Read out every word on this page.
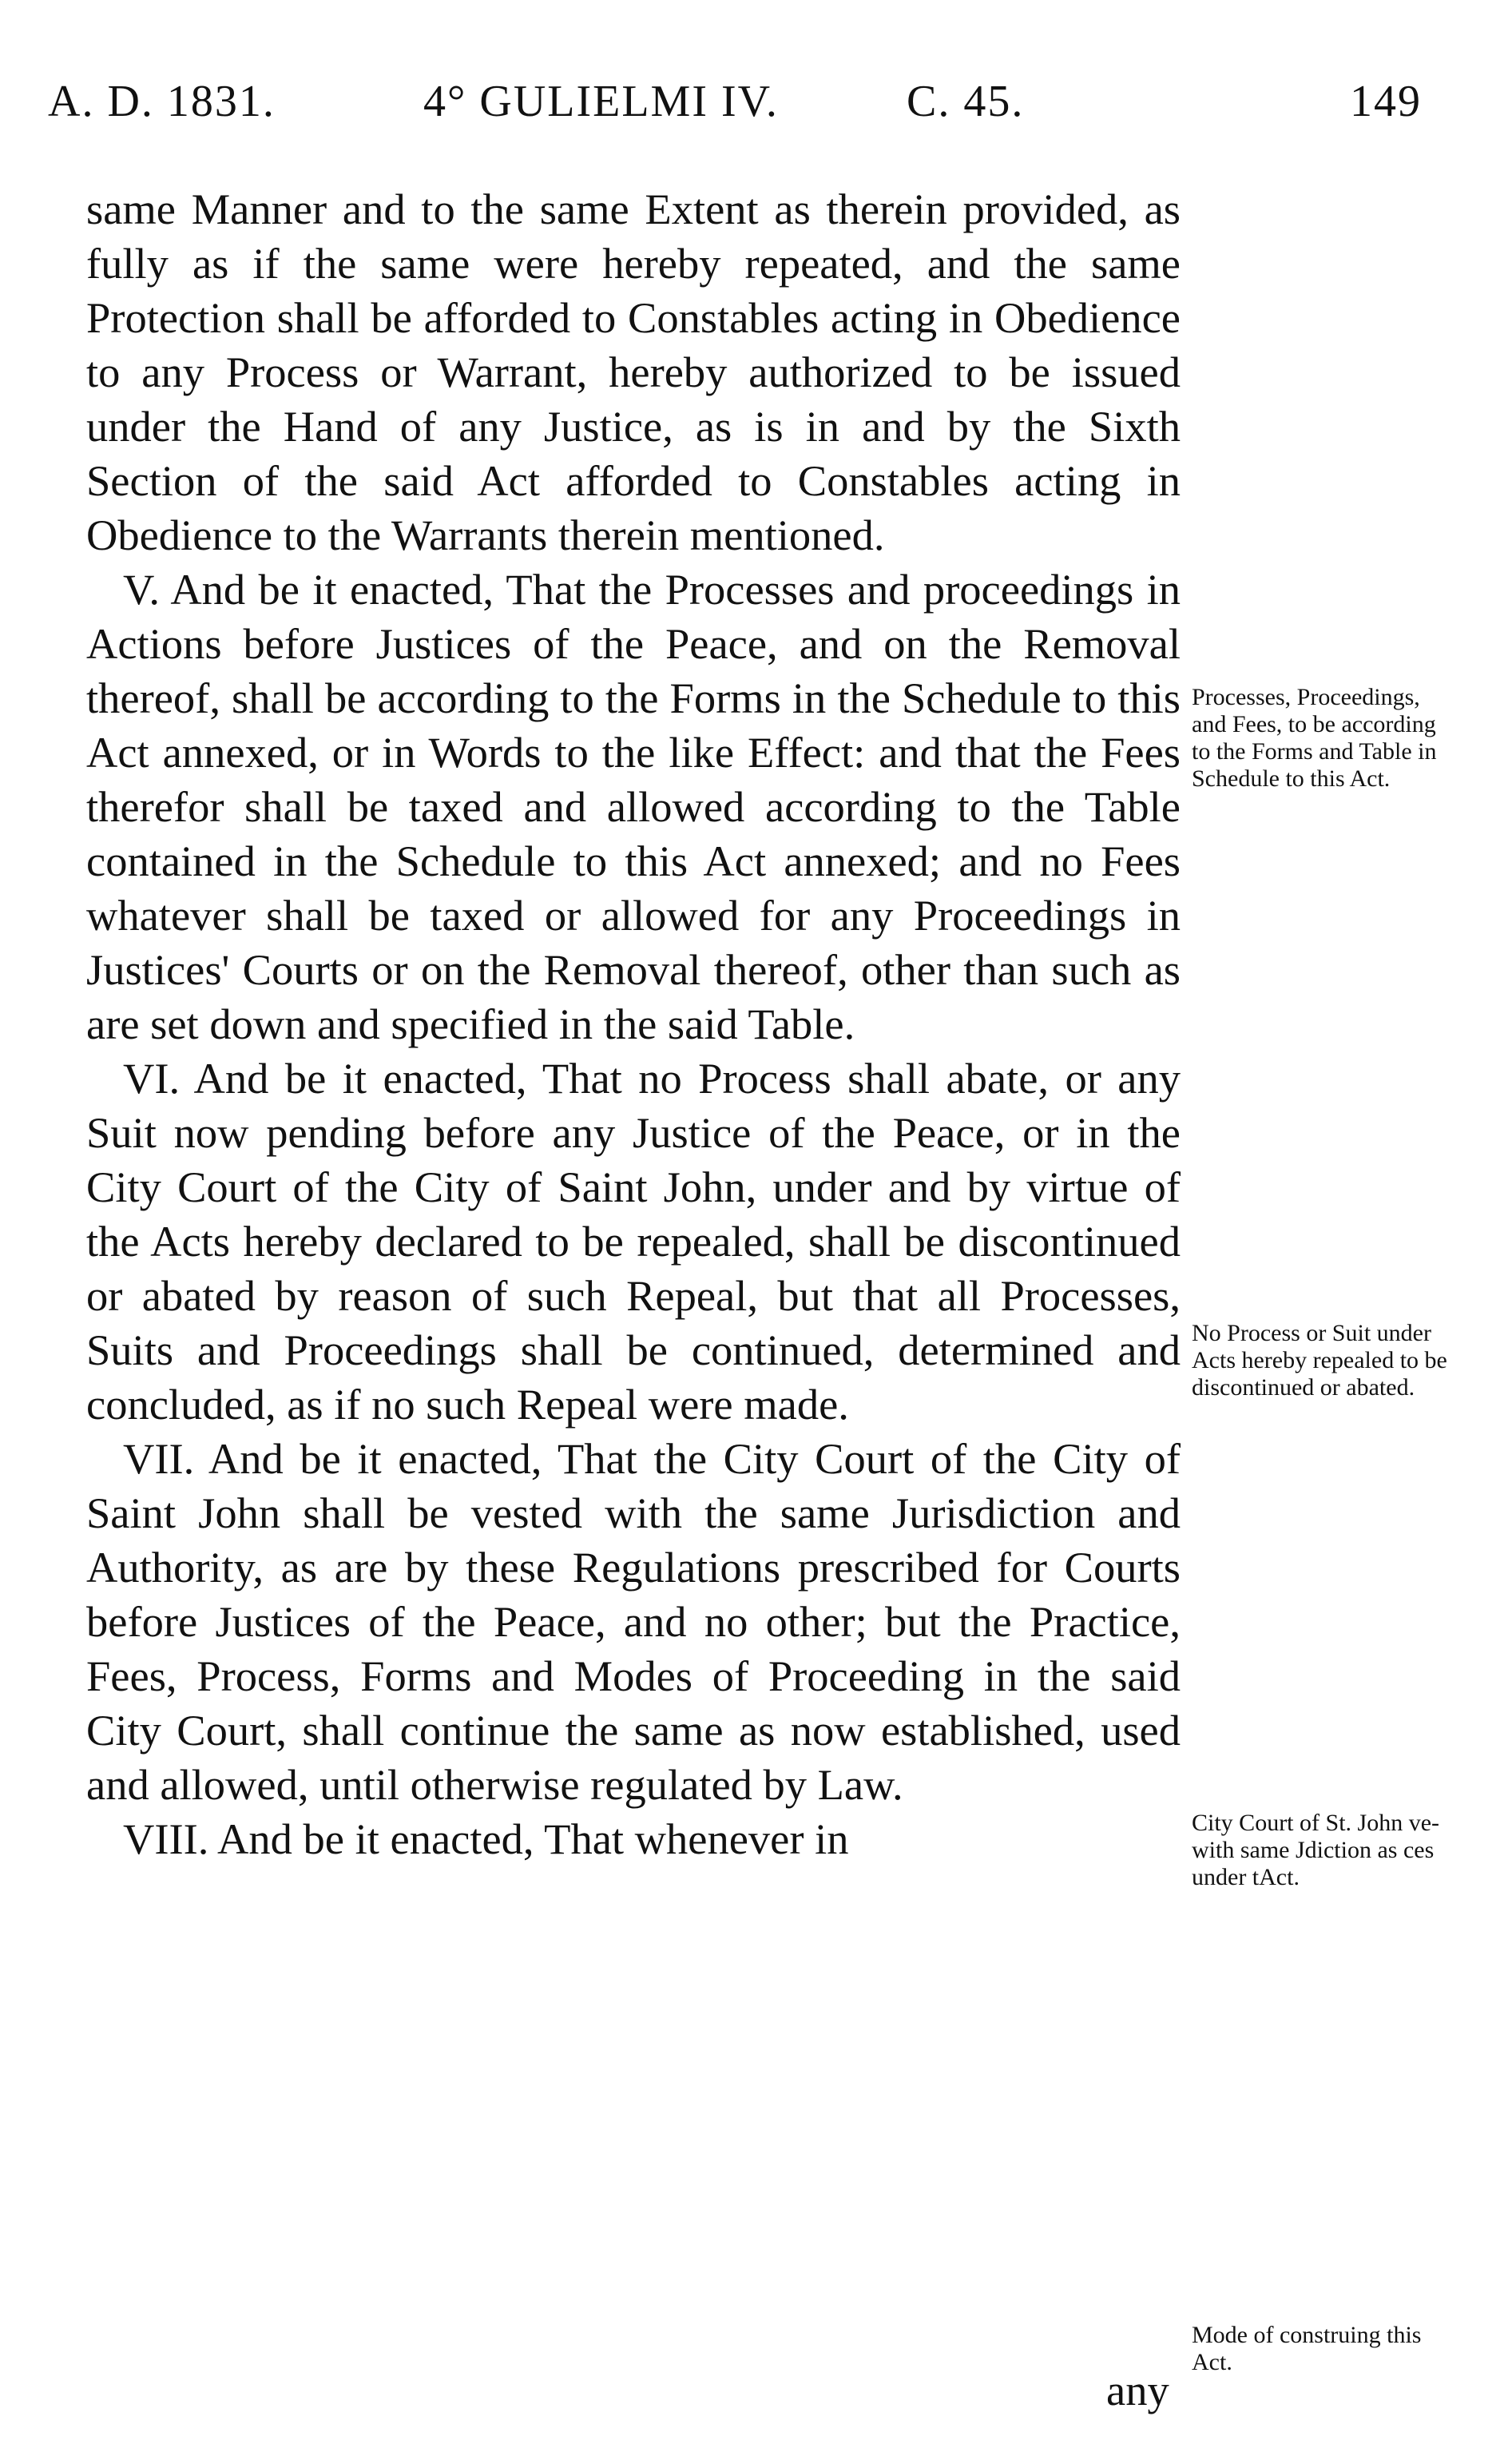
A. D. 1831.	4° GULIELMI IV.	C. 45.	149

same Manner and to the same Extent as therein provided, as fully as if the same were hereby repeated, and the same Protection shall be afforded to Constables acting in Obedience to any Process or Warrant, hereby authorized to be issued under the Hand of any Justice, as is in and by the Sixth Section of the said Act afforded to Constables acting in Obedience to the Warrants therein mentioned.

V. And be it enacted, That the Processes and proceedings in Actions before Justices of the Peace, and on the Removal thereof, shall be according to the Forms in the Schedule to this Act annexed, or in Words to the like Effect: and that the Fees therefor shall be taxed and allowed according to the Table contained in the Schedule to this Act annexed; and no Fees whatever shall be taxed or allowed for any Proceedings in Justices' Courts or on the Removal thereof, other than such as are set down and specified in the said Table.

VI. And be it enacted, That no Process shall abate, or any Suit now pending before any Justice of the Peace, or in the City Court of the City of Saint John, under and by virtue of the Acts hereby declared to be repealed, shall be discontinued or abated by reason of such Repeal, but that all Processes, Suits and Proceedings shall be continued, determined and concluded, as if no such Repeal were made.

VII. And be it enacted, That the City Court of the City of Saint John shall be vested with the same Jurisdiction and Authority, as are by these Regulations prescribed for Courts before Justices of the Peace, and no other; but the Practice, Fees, Process, Forms and Modes of Proceeding in the said City Court, shall continue the same as now established, used and allowed, until otherwise regulated by Law.

VIII. And be it enacted, That whenever in

any
Processes, Proceedings, and Fees, to be according to the Forms and Table in Schedule to this Act.
No Process or Suit under Acts hereby repealed to be discontinued or abated.
City Court of St. John vewith same Jdiction as ces under tAct.
Mode of construing this Act.
